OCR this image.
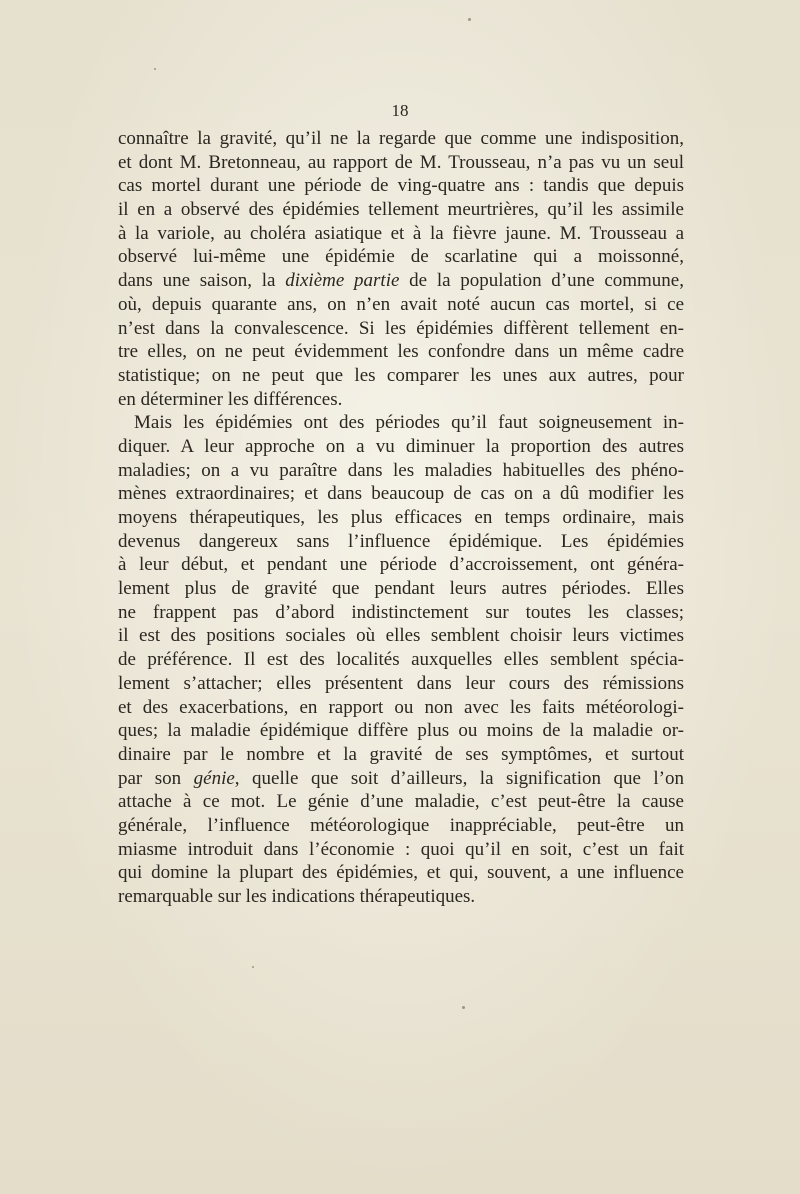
18
connaître la gravité, qu’il ne la regarde que comme une indisposition,
et dont M. Bretonneau, au rapport de M. Trousseau, n’a pas vu un seul
cas mortel durant une période de ving-quatre ans : tandis que depuis
il en a observé des épidémies tellement meurtrières, qu’il les assimile
à la variole, au choléra asiatique et à la fièvre jaune. M. Trousseau a
observé lui-même une épidémie de scarlatine qui a moissonné,
dans une saison, la dixième partie de la population d’une commune,
où, depuis quarante ans, on n’en avait noté aucun cas mortel, si ce
n’est dans la convalescence. Si les épidémies diffèrent tellement en-
tre elles, on ne peut évidemment les confondre dans un même cadre
statistique; on ne peut que les comparer les unes aux autres, pour
en déterminer les différences.
Mais les épidémies ont des périodes qu’il faut soigneusement in-
diquer. A leur approche on a vu diminuer la proportion des autres
maladies; on a vu paraître dans les maladies habituelles des phéno-
mènes extraordinaires; et dans beaucoup de cas on a dû modifier les
moyens thérapeutiques, les plus efficaces en temps ordinaire, mais
devenus dangereux sans l’influence épidémique. Les épidémies
à leur début, et pendant une période d’accroissement, ont généra-
lement plus de gravité que pendant leurs autres périodes. Elles
ne frappent pas d’abord indistinctement sur toutes les classes;
il est des positions sociales où elles semblent choisir leurs victimes
de préférence. Il est des localités auxquelles elles semblent spécia-
lement s’attacher; elles présentent dans leur cours des rémissions
et des exacerbations, en rapport ou non avec les faits météorologi-
ques; la maladie épidémique diffère plus ou moins de la maladie or-
dinaire par le nombre et la gravité de ses symptômes, et surtout
par son génie, quelle que soit d’ailleurs, la signification que l’on
attache à ce mot. Le génie d’une maladie, c’est peut-être la cause
générale, l’influence météorologique inappréciable, peut-être un
miasme introduit dans l’économie : quoi qu’il en soit, c’est un fait
qui domine la plupart des épidémies, et qui, souvent, a une influence
remarquable sur les indications thérapeutiques.
